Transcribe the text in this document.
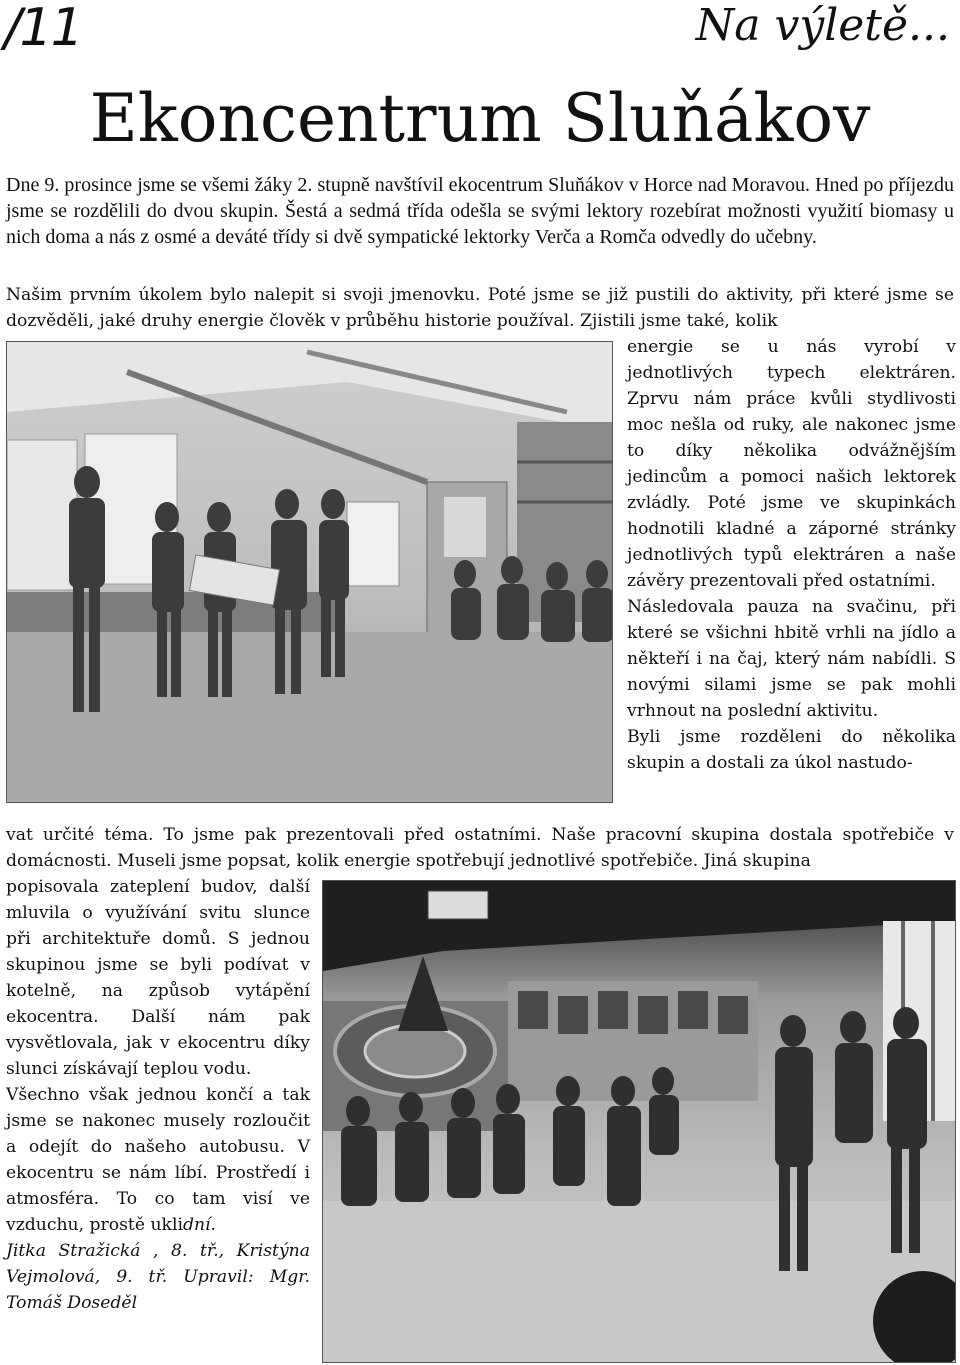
/11	Na výletě...
Ekoncentrum Sluňákov

Dne 9. prosince jsme se všemi žáky 2. stupně navštívil ekocentrum Sluňákov v Horce nad Moravou. Hned po příjezdu jsme se rozdělili do dvou skupin. Šestá a sedmá třída odešla se svými lektory rozebírat možnosti využití biomasy u nich doma a nás z osmé a deváté třídy si dvě sympatické lektorky Verča a Romča odvedly do učebny.

Našim prvním úkolem bylo nalepit si svoji jmenovku. Poté jsme se již pustili do aktivity, při které jsme se dozvěděli, jaké druhy energie člověk v průběhu historie používal. Zjistili jsme také, kolik

energie se u nás vyrobí v jednotlivých typech elektráren. Zprvu nám práce kvůli stydlivosti moc nešla od ruky, ale nakonec jsme to díky několika odvážnějším jedincům a pomoci našich lektorek zvládly. Poté jsme ve skupinkách hodnotili kladné a záporné stránky jednotlivých typů elektráren a naše závěry prezentovali před ostatními.

Následovala pauza na svačinu, při které se všichni hbitě vrhli na jídlo a někteří i na čaj, který nám nabídli. S novými silami jsme se pak mohli vrhnout na poslední aktivitu.

Byli jsme rozděleni do několika skupin a dostali za úkol nastudo-

vat určité téma. To jsme pak prezentovali před ostatními. Naše pracovní skupina dostala spotřebiče v domácnosti. Museli jsme popsat, kolik energie spotřebují jednotlivé spotřebiče. Jiná skupina

popisovala zateplení budov, další mluvila o využívání svitu slunce při architektuře domů. S jednou skupinou jsme se byli podívat v kotelně, na způsob vytápění ekocentra. Další nám pak vysvětlovala, jak v ekocentru díky slunci získávají teplou vodu.

Všechno však jednou končí a tak jsme se nakonec musely rozloučit a odejít do našeho autobusu. V ekocentru se nám líbí. Prostředí i atmosféra. To co tam visí ve vzduchu, prostě uklidní.

Jitka Stražická , 8. tř., Kristýna Vejmolová, 9. tř. Upravil: Mgr. Tomáš Doseděl
